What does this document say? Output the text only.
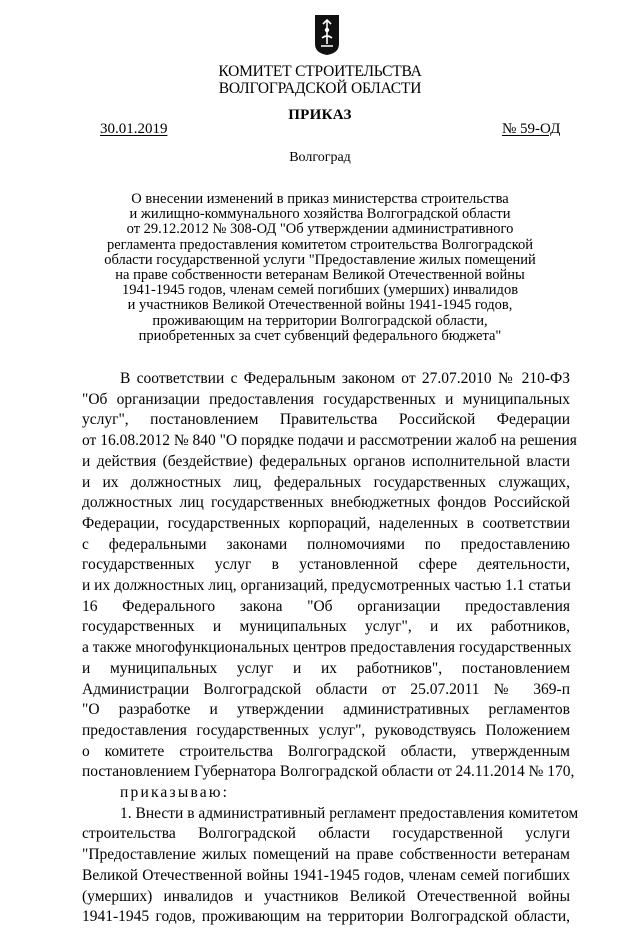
КОМИТЕТ СТРОИТЕЛЬСТВА
ВОЛГОГРАДСКОЙ ОБЛАСТИ
ПРИКАЗ
30.01.2019	№ 59-ОД
Волгоград
О внесении изменений в приказ министерства строительства
и жилищно-коммунального хозяйства Волгоградской области
от 29.12.2012 № 308-ОД "Об утверждении административного
регламента предоставления комитетом строительства Волгоградской
области государственной услуги "Предоставление жилых помещений
на праве собственности ветеранам Великой Отечественной войны
1941-1945 годов, членам семей погибших (умерших) инвалидов
и участников Великой Отечественной войны 1941-1945 годов,
проживающим на территории Волгоградской области,
приобретенных за счет субвенций федерального бюджета"
В соответствии с Федеральным законом от 27.07.2010 № 210-ФЗ
"Об организации предоставления государственных и муниципальных
услуг", постановлением Правительства Российской Федерации
от 16.08.2012 № 840 "О порядке подачи и рассмотрении жалоб на решения
и действия (бездействие) федеральных органов исполнительной власти
и их должностных лиц, федеральных государственных служащих,
должностных лиц государственных внебюджетных фондов Российской
Федерации, государственных корпораций, наделенных в соответствии
с федеральными законами полномочиями по предоставлению
государственных услуг в установленной сфере деятельности,
и их должностных лиц, организаций, предусмотренных частью 1.1 статьи
16 Федерального закона "Об организации предоставления
государственных и муниципальных услуг", и их работников,
а также многофункциональных центров предоставления государственных
и муниципальных услуг и их работников", постановлением
Администрации Волгоградской области от 25.07.2011 № 369-п
"О разработке и утверждении административных регламентов
предоставления государственных услуг", руководствуясь Положением
о комитете строительства Волгоградской области, утвержденным
постановлением Губернатора Волгоградской области от 24.11.2014 № 170,
приказываю:
1. Внести в административный регламент предоставления комитетом
строительства Волгоградской области государственной услуги
"Предоставление жилых помещений на праве собственности ветеранам
Великой Отечественной войны 1941-1945 годов, членам семей погибших
(умерших) инвалидов и участников Великой Отечественной войны
1941-1945 годов, проживающим на территории Волгоградской области,
